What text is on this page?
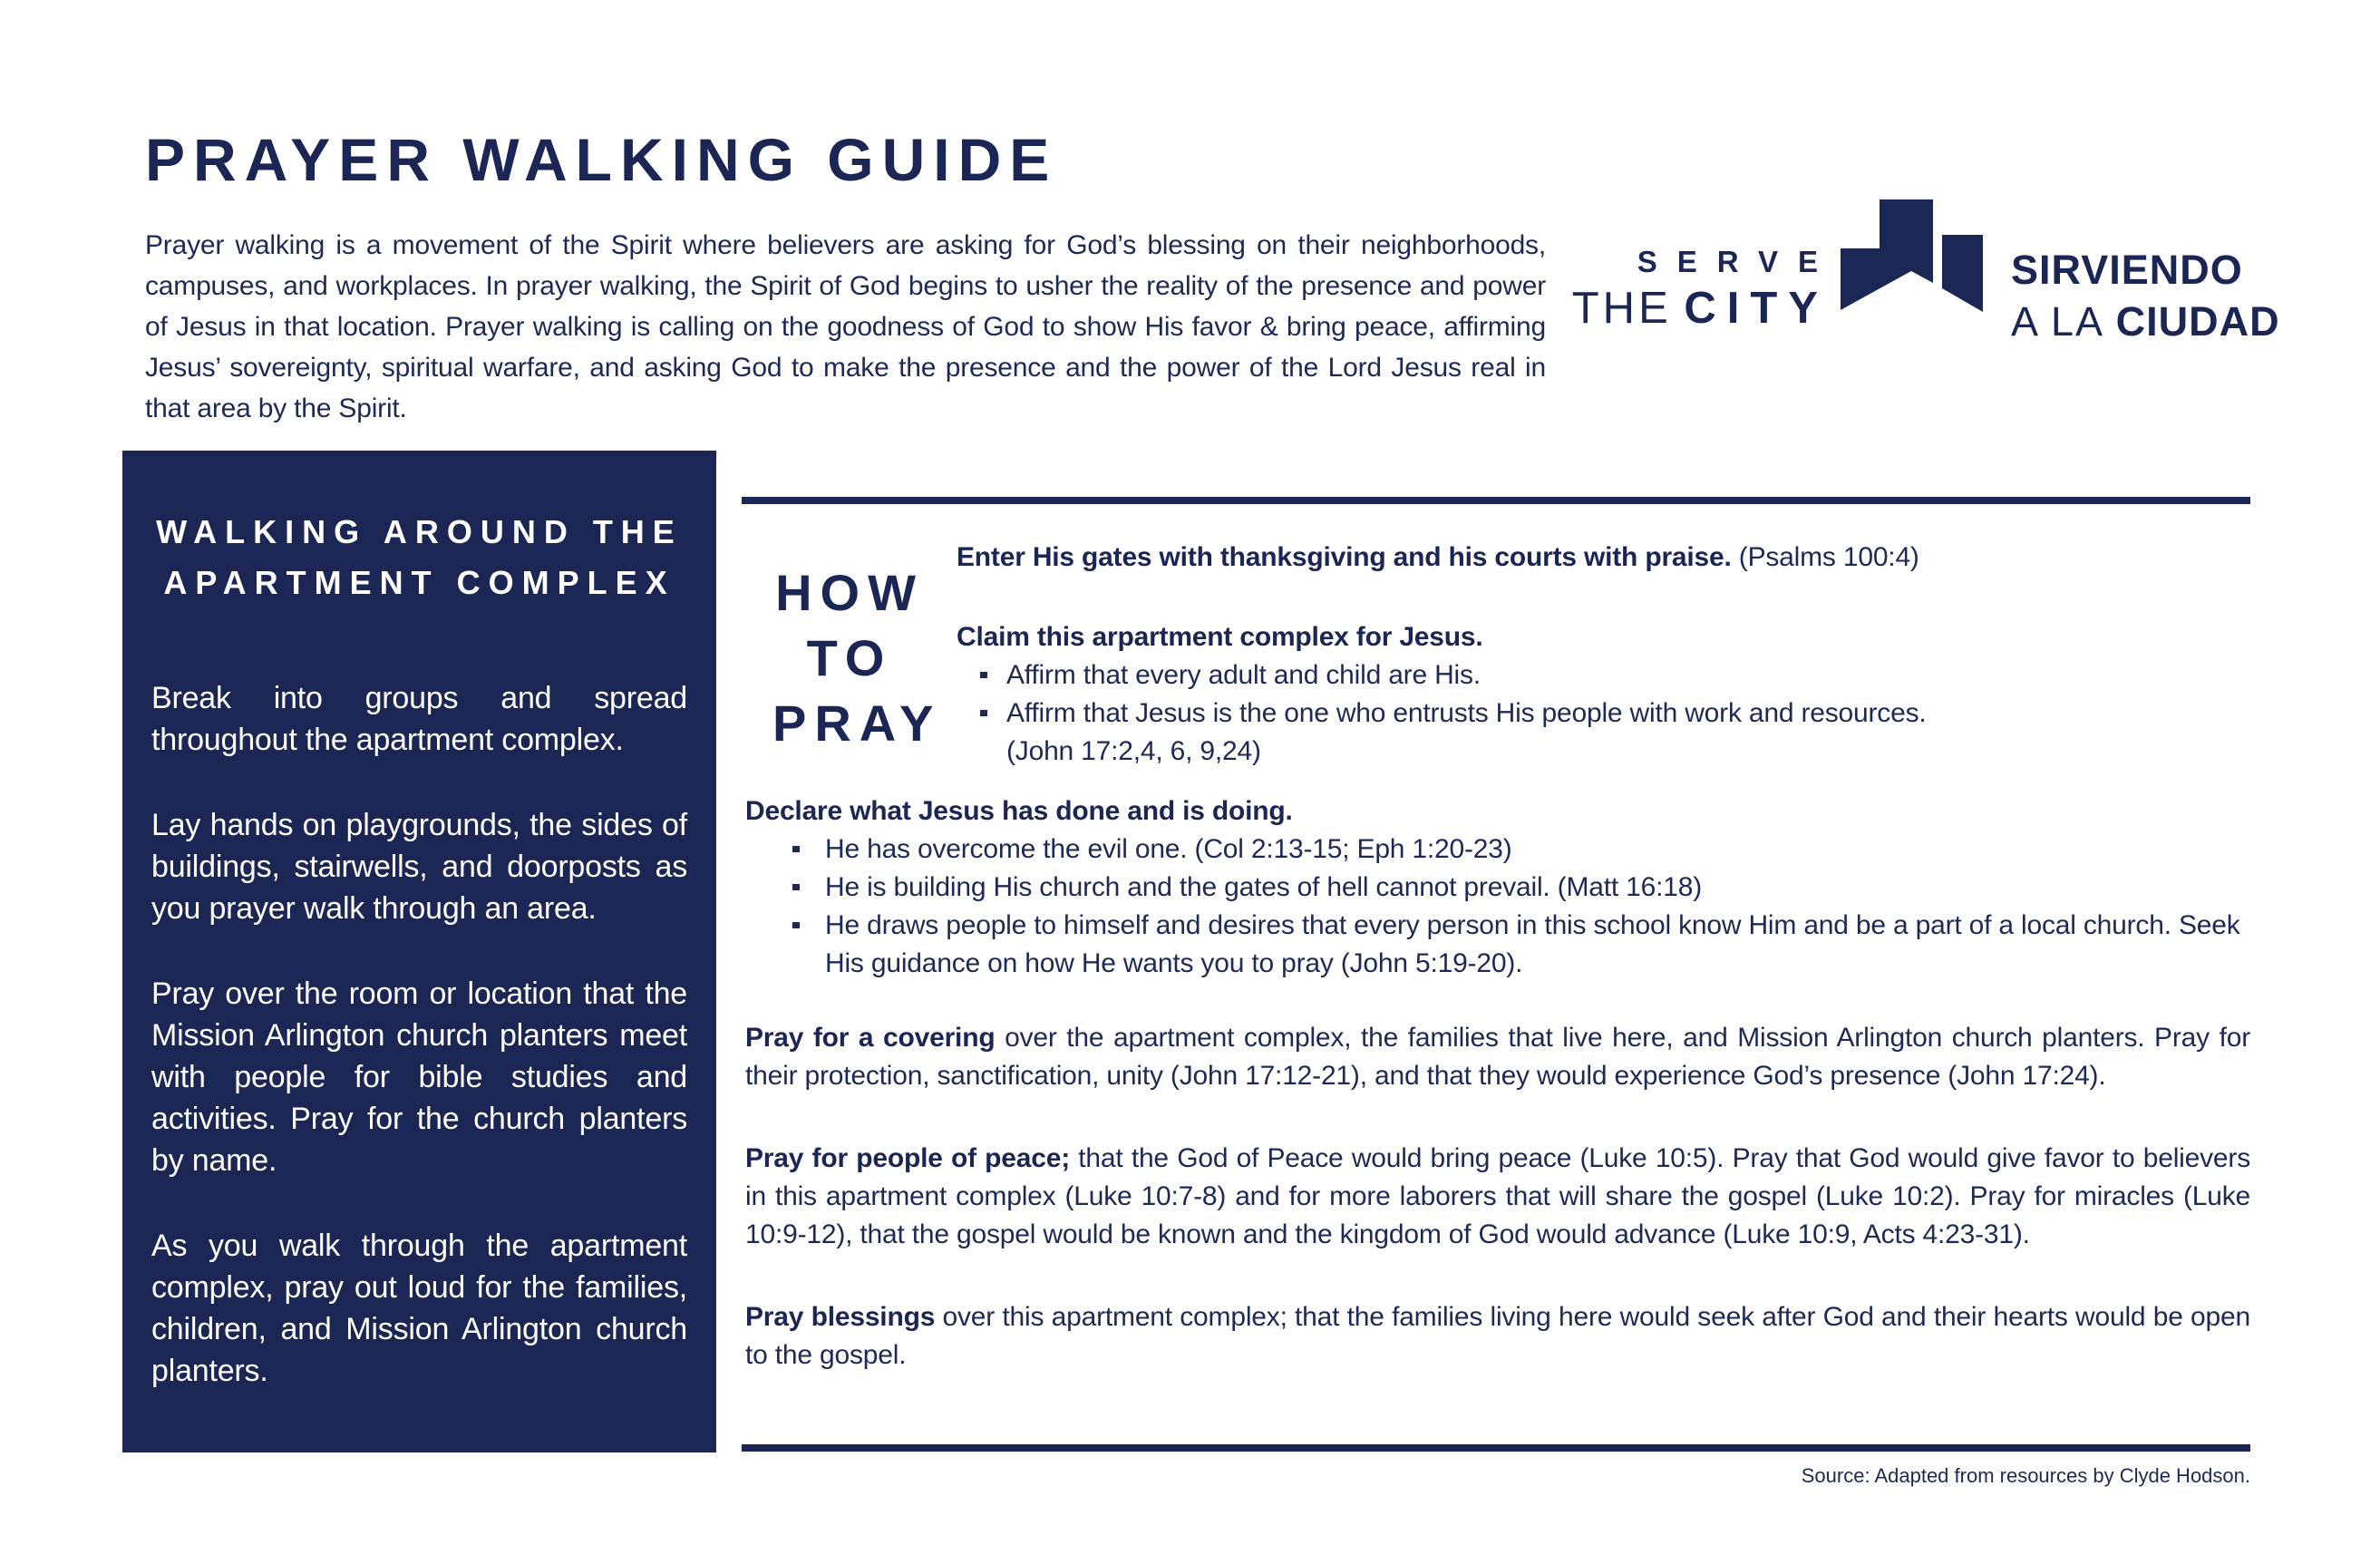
PRAYER WALKING GUIDE

Prayer walking is a movement of the Spirit where believers are asking for God’s blessing on their neighborhoods, campuses, and workplaces. In prayer walking, the Spirit of God begins to usher the reality of the presence and power of Jesus in that location. Prayer walking is calling on the goodness of God to show His favor & bring peace, affirming Jesus’ sovereignty, spiritual warfare, and asking God to make the presence and the power of the Lord Jesus real in that area by the Spirit.

SERVE
THE CITY
SIRVIENDO
A LA CIUDAD
WALKING AROUND THE
APARTMENT COMPLEX

Break into groups and spread throughout the apartment complex.

Lay hands on playgrounds, the sides of buildings, stairwells, and doorposts as you prayer walk through an area.

Pray over the room or location that the Mission Arlington church planters meet with people for bible studies and activities. Pray for the church planters by name.

As you walk through the apartment complex, pray out loud for the families, children, and Mission Arlington church planters.

HOW
TO
PRAY

Enter His gates with thanksgiving and his courts with praise. (Psalms 100:4)

Claim this arpartment complex for Jesus.

Affirm that every adult and child are His.
Affirm that Jesus is the one who entrusts His people with work and resources.

(John 17:2,4, 6, 9,24)

Declare what Jesus has done and is doing.

He has overcome the evil one. (Col 2:13-15; Eph 1:20-23)
He is building His church and the gates of hell cannot prevail. (Matt 16:18)
He draws people to himself and desires that every person in this school know Him and be a part of a local church. Seek His guidance on how He wants you to pray (John 5:19-20).

Pray for a covering over the apartment complex, the families that live here, and Mission Arlington church planters. Pray for their protection, sanctification, unity (John 17:12-21), and that they would experience God’s presence (John 17:24).

Pray for people of peace; that the God of Peace would bring peace (Luke 10:5). Pray that God would give favor to believers in this apartment complex (Luke 10:7-8) and for more laborers that will share the gospel (Luke 10:2). Pray for miracles (Luke 10:9-12), that the gospel would be known and the kingdom of God would advance (Luke 10:9, Acts 4:23-31).

Pray blessings over this apartment complex; that the families living here would seek after God and their hearts would be open to the gospel.

Source: Adapted from resources by Clyde Hodson.
